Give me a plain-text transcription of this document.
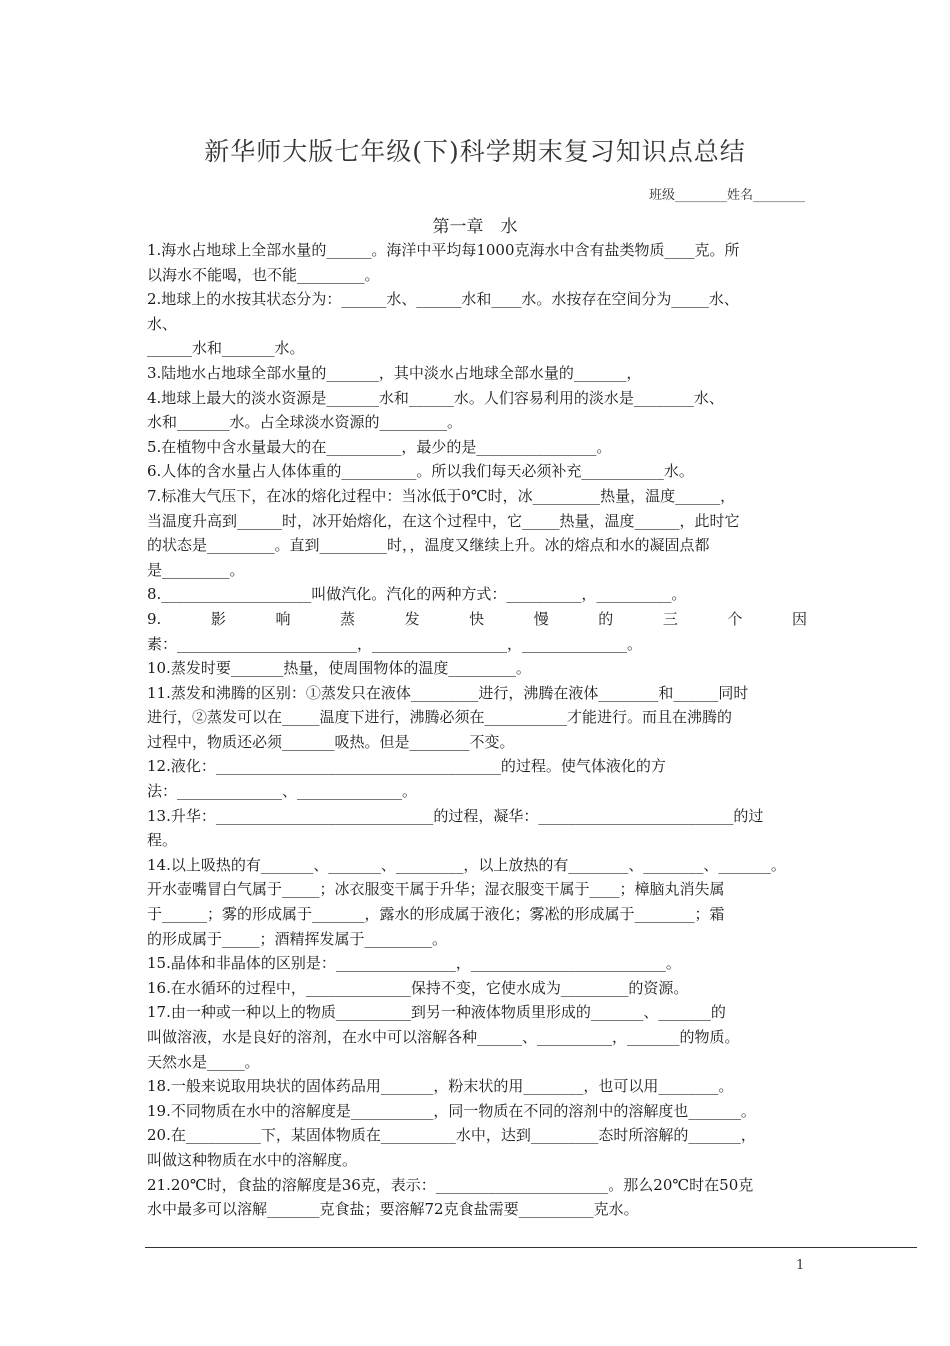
新华师大版七年级(下)科学期末复习知识点总结
班级________姓名________
第一章　水

1.海水占地球上全部水量的______。海洋中平均每1000克海水中含有盐类物质____克。所

以海水不能喝，也不能_________。

2.地球上的水按其状态分为：______水、______水和____水。水按存在空间分为_____水、

水、

______水和_______水。

3.陆地水占地球全部水量的_______，其中淡水占地球全部水量的_______，

4.地球上最大的淡水资源是_______水和______水。人们容易利用的淡水是________水、

水和_______水。占全球淡水资源的_________。

5.在植物中含水量最大的在__________，最少的是________________。

6.人体的含水量占人体体重的__________。所以我们每天必须补充___________水。

7.标准大气压下，在冰的熔化过程中：当冰低于0℃时，冰_________热量，温度______，

当温度升高到______时，冰开始熔化，在这个过程中，它_____热量，温度______，此时它

的状态是_________。直到_________时，，温度又继续上升。冰的熔点和水的凝固点都

是_________。

8.____________________叫做汽化。汽化的两种方式：__________，__________。

9.　影　响　蒸　发　快　慢　的　三　个　因

素：________________________，__________________，______________。

10.蒸发时要_______热量，使周围物体的温度_________。

11.蒸发和沸腾的区别：①蒸发只在液体_________进行，沸腾在液体________和______同时

进行，②蒸发可以在_____温度下进行，沸腾必须在___________才能进行。而且在沸腾的

过程中，物质还必须_______吸热。但是________不变。

12.液化：______________________________________的过程。使气体液化的方

法：______________、______________。

13.升华：_____________________________的过程，凝华：__________________________的过

程。

14.以上吸热的有_______、_______、_________，以上放热的有________、________、_______。

开水壶嘴冒白气属于_____；冰衣服变干属于升华；湿衣服变干属于____；樟脑丸消失属

于______；雾的形成属于_______，露水的形成属于液化；雾凇的形成属于________；霜

的形成属于_____；酒精挥发属于_________。

15.晶体和非晶体的区别是：________________，__________________________。

16.在水循环的过程中，______________保持不变，它使水成为_________的资源。

17.由一种或一种以上的物质__________到另一种液体物质里形成的_______、_______的

叫做溶液，水是良好的溶剂，在水中可以溶解各种______、__________，_______的物质。

天然水是_____。

18.一般来说取用块状的固体药品用_______，粉末状的用________，也可以用________。

19.不同物质在水中的溶解度是___________，同一物质在不同的溶剂中的溶解度也_______。

20.在__________下，某固体物质在__________水中，达到_________态时所溶解的_______，

叫做这种物质在水中的溶解度。

21.20℃时，食盐的溶解度是36克，表示：_______________________。那么20℃时在50克

水中最多可以溶解_______克食盐；要溶解72克食盐需要__________克水。

1
